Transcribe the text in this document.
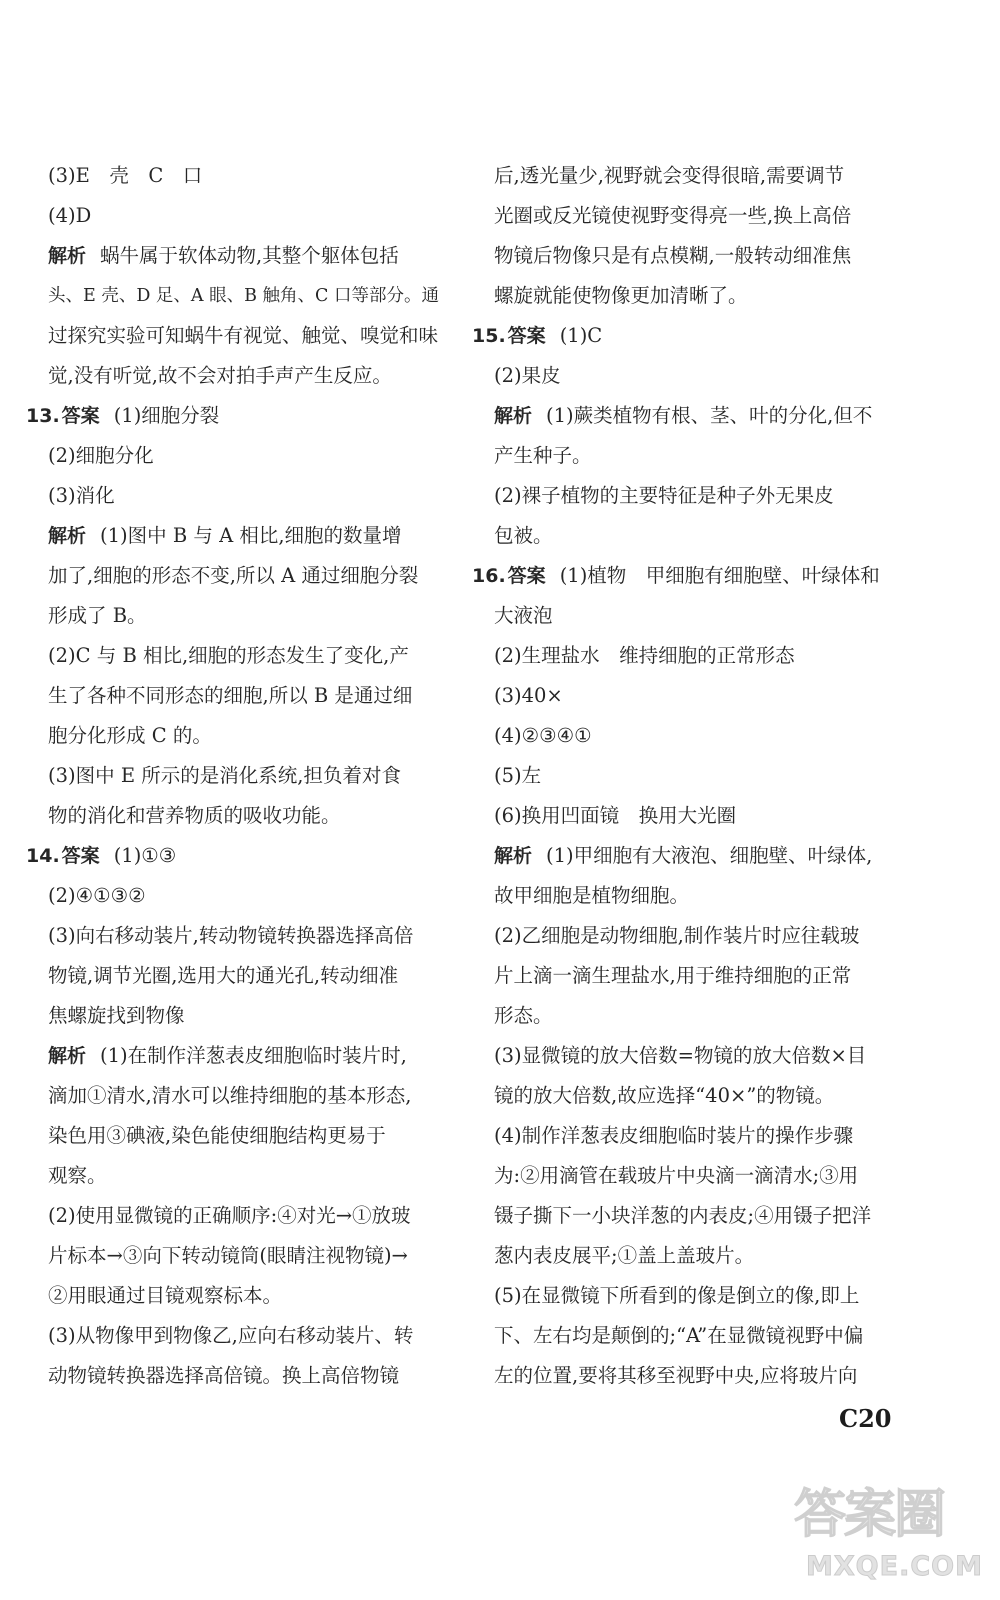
(3)E　壳　C　口
(4)D
解析 蜗牛属于软体动物,其整个躯体包括
头、E 壳、D 足、A 眼、B 触角、C 口等部分。通
过探究实验可知蜗牛有视觉、触觉、嗅觉和味
觉,没有听觉,故不会对拍手声产生反应。
13. 答案 (1)细胞分裂
(2)细胞分化
(3)消化
解析 (1)图中 B 与 A 相比,细胞的数量增
加了,细胞的形态不变,所以 A 通过细胞分裂
形成了 B。
(2)C 与 B 相比,细胞的形态发生了变化,产
生了各种不同形态的细胞,所以 B 是通过细
胞分化形成 C 的。
(3)图中 E 所示的是消化系统,担负着对食
物的消化和营养物质的吸收功能。
14. 答案 (1)①③
(2)④①③②
(3)向右移动装片,转动物镜转换器选择高倍
物镜,调节光圈,选用大的通光孔,转动细准
焦螺旋找到物像
解析 (1)在制作洋葱表皮细胞临时装片时,
滴加①清水,清水可以维持细胞的基本形态,
染色用③碘液,染色能使细胞结构更易于
观察。
(2)使用显微镜的正确顺序:④对光→①放玻
片标本→③向下转动镜筒(眼睛注视物镜)→
②用眼通过目镜观察标本。
(3)从物像甲到物像乙,应向右移动装片、转
动物镜转换器选择高倍镜。换上高倍物镜
后,透光量少,视野就会变得很暗,需要调节
光圈或反光镜使视野变得亮一些,换上高倍
物镜后物像只是有点模糊,一般转动细准焦
螺旋就能使物像更加清晰了。
15. 答案 (1)C
(2)果皮
解析 (1)蕨类植物有根、茎、叶的分化,但不
产生种子。
(2)裸子植物的主要特征是种子外无果皮
包被。
16. 答案 (1)植物　甲细胞有细胞壁、叶绿体和
大液泡
(2)生理盐水　维持细胞的正常形态
(3)40×
(4)②③④①
(5)左
(6)换用凹面镜　换用大光圈
解析 (1)甲细胞有大液泡、细胞壁、叶绿体,
故甲细胞是植物细胞。
(2)乙细胞是动物细胞,制作装片时应往载玻
片上滴一滴生理盐水,用于维持细胞的正常
形态。
(3)显微镜的放大倍数=物镜的放大倍数×目
镜的放大倍数,故应选择“40×”的物镜。
(4)制作洋葱表皮细胞临时装片的操作步骤
为:②用滴管在载玻片中央滴一滴清水;③用
镊子撕下一小块洋葱的内表皮;④用镊子把洋
葱内表皮展平;①盖上盖玻片。
(5)在显微镜下所看到的像是倒立的像,即上
下、左右均是颠倒的;“A”在显微镜视野中偏
左的位置,要将其移至视野中央,应将玻片向
C20
答案圈
MXQE.COM
